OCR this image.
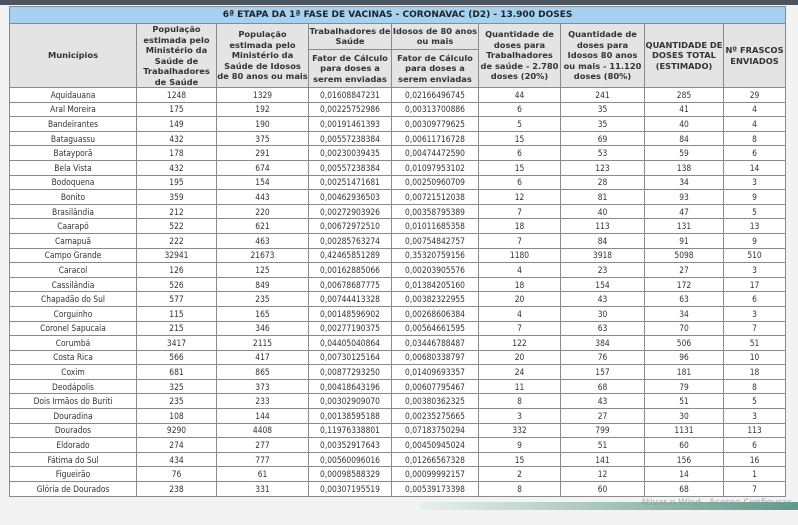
6ª ETAPA DA 1ª FASE DE VACINAS - CORONAVAC (D2) - 13.900 DOSES								
Municípios	População estimada pelo Ministério da Saúde de Trabalhadores de Saúde	População estimada pelo Ministério da Saúde de Idosos de 80 anos ou mais	Trabalhadores de Saúde	Idosos de 80 anos ou mais	Quantidade de doses para Trabalhadores de saúde - 2.780 doses (20%)	Quantidade de doses para Idosos 80 anos ou mais - 11.120 doses (80%)	QUANTIDADE DE DOSES TOTAL (ESTIMADO)	Nº FRASCOS ENVIADOS
			Fator de Cálculo para doses a serem enviadas	Fator de Cálculo para doses a serem enviadas				
Aquidauana	1248	1329	0,01608847231	0,02166496745	44	241	285	29
Aral Moreira	175	192	0,00225752986	0,00313700886	6	35	41	4
Bandeirantes	149	190	0,00191461393	0,00309779625	5	35	40	4
Bataguassu	432	375	0,00557238384	0,00611716728	15	69	84	8
Batayporã	178	291	0,00230039435	0,00474472590	6	53	59	6
Bela Vista	432	674	0,00557238384	0,01097953102	15	123	138	14
Bodoquena	195	154	0,00251471681	0,00250960709	6	28	34	3
Bonito	359	443	0,00462936503	0,00721512038	12	81	93	9
Brasilândia	212	220	0,00272903926	0,00358795389	7	40	47	5
Caarapó	522	621	0,00672972510	0,01011685358	18	113	131	13
Camapuã	222	463	0,00285763274	0,00754842757	7	84	91	9
Campo Grande	32941	21673	0,42465851289	0,35320759156	1180	3918	5098	510
Caracol	126	125	0,00162885066	0,00203905576	4	23	27	3
Cassilândia	526	849	0,00678687775	0,01384205160	18	154	172	17
Chapadão do Sul	577	235	0,00744413328	0,00382322955	20	43	63	6
Corguinho	115	165	0,00148596902	0,00268606384	4	30	34	3
Coronel Sapucaia	215	346	0,00277190375	0,00564661595	7	63	70	7
Corumbá	3417	2115	0,04405040864	0,03446788487	122	384	506	51
Costa Rica	566	417	0,00730125164	0,00680338797	20	76	96	10
Coxim	681	865	0,00877293250	0,01409693357	24	157	181	18
Deodápolis	325	373	0,00418643196	0,00607795467	11	68	79	8
Dois Irmãos do Buriti	235	233	0,00302909070	0,00380362325	8	43	51	5
Douradina	108	144	0,00138595188	0,00235275665	3	27	30	3
Dourados	9290	4408	0,11976338801	0,07183750294	332	799	1131	113
Eldorado	274	277	0,00352917643	0,00450945024	9	51	60	6
Fátima do Sul	434	777	0,00560096016	0,01266567328	15	141	156	16
Figueirão	76	61	0,00098588329	0,00099992157	2	12	14	1
Glória de Dourados	238	331	0,00307195519	0,00539173398	8	60	68	7
Ativar o Wind Acesse Configuraç
